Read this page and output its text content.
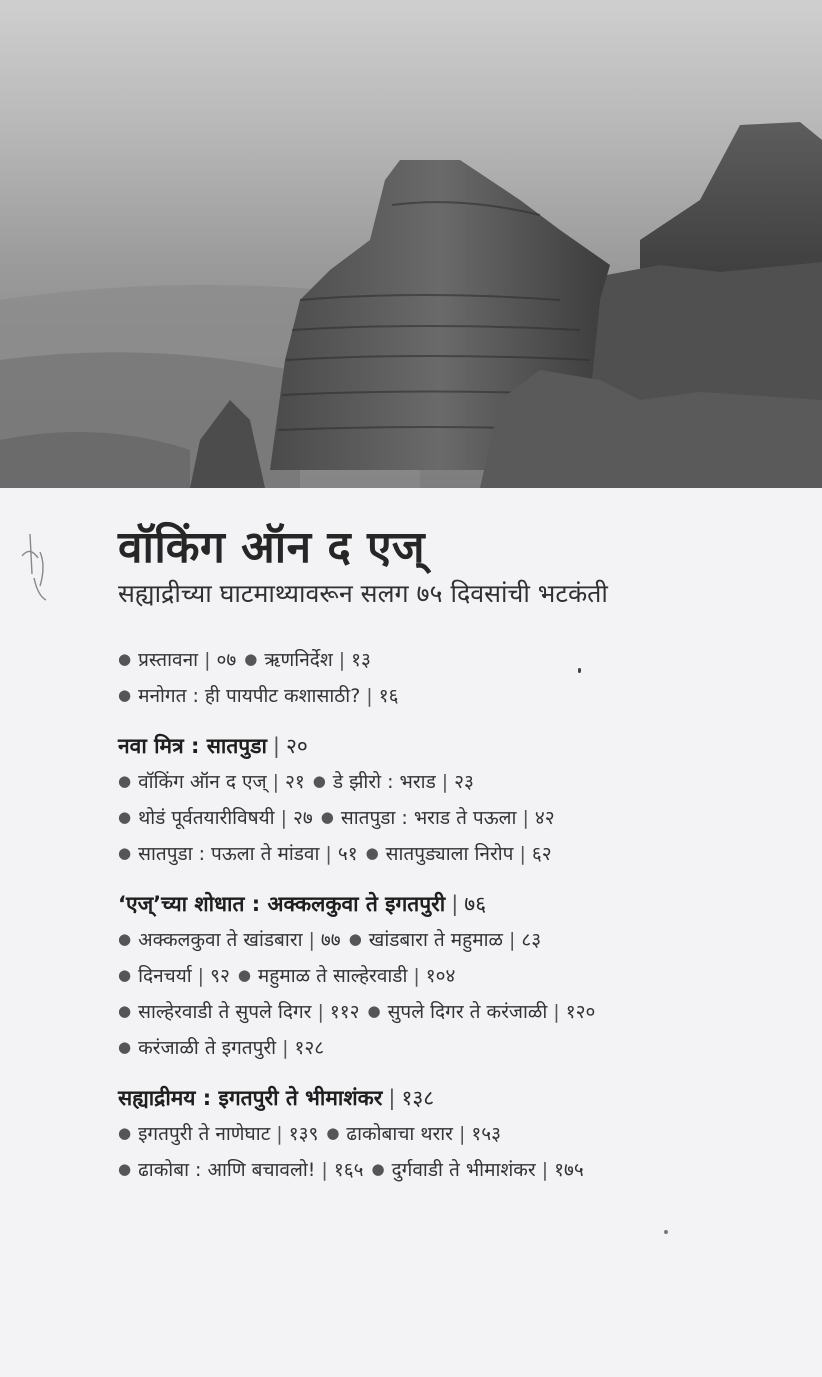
वॉकिंग ऑन द एज्
सह्याद्रीच्या घाटमाथ्यावरून सलग ७५ दिवसांची भटकंती
● प्रस्तावना | ०७ ● ऋणनिर्देश | १३
● मनोगत : ही पायपीट कशासाठी? | १६
नवा मित्र : सातपुडा | २०
● वॉकिंग ऑन द एज् | २१ ● डे झीरो : भराड | २३
● थोडं पूर्वतयारीविषयी | २७ ● सातपुडा : भराड ते पऊला | ४२
● सातपुडा : पऊला ते मांडवा | ५१ ● सातपुड्याला निरोप | ६२
‘एज्’च्या शोधात : अक्कलकुवा ते इगतपुरी | ७६
● अक्कलकुवा ते खांडबारा | ७७ ● खांडबारा ते महुमाळ | ८३
● दिनचर्या | ९२ ● महुमाळ ते साल्हेरवाडी | १०४
● साल्हेरवाडी ते सुपले दिगर | ११२ ● सुपले दिगर ते करंजाळी | १२०
● करंजाळी ते इगतपुरी | १२८
सह्याद्रीमय : इगतपुरी ते भीमाशंकर | १३८
● इगतपुरी ते नाणेघाट | १३९ ● ढाकोबाचा थरार | १५३
● ढाकोबा : आणि बचावलो! | १६५ ● दुर्गवाडी ते भीमाशंकर | १७५
